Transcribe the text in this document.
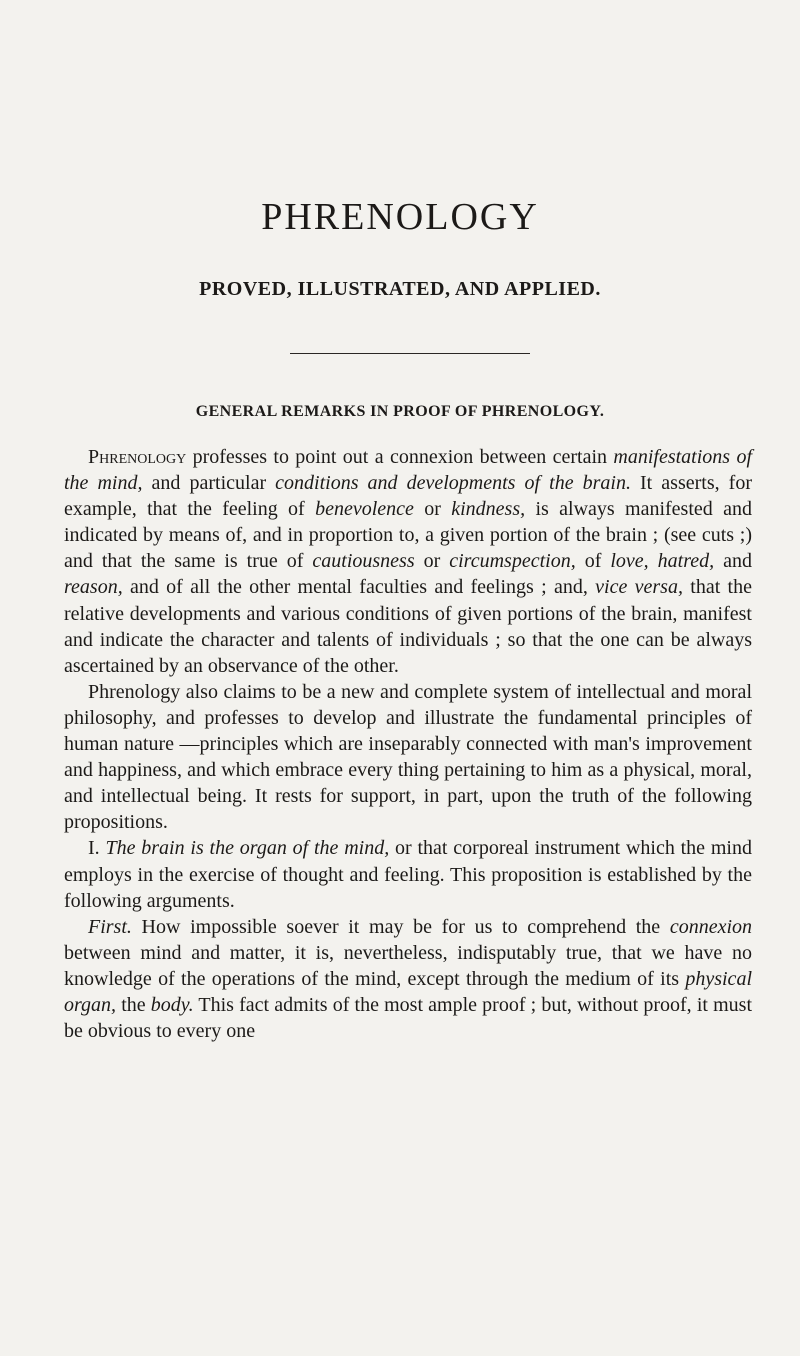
PHRENOLOGY
PROVED, ILLUSTRATED, AND APPLIED.
GENERAL REMARKS IN PROOF OF PHRENOLOGY.

Phrenology professes to point out a connexion between certain manifestations of the mind, and particular conditions and developments of the brain. It asserts, for example, that the feeling of benevolence or kindness, is always manifested and indicated by means of, and in proportion to, a given portion of the brain ; (see cuts ;) and that the same is true of cautiousness or circumspection, of love, hatred, and reason, and of all the other mental faculties and feelings ; and, vice versa, that the relative developments and various conditions of given portions of the brain, manifest and indicate the character and talents of individuals ; so that the one can be always ascertained by an observance of the other.

Phrenology also claims to be a new and complete system of intellectual and moral philosophy, and professes to develop and illustrate the fundamental principles of human nature —principles which are inseparably connected with man's improvement and happiness, and which embrace every thing pertaining to him as a physical, moral, and intellectual being. It rests for support, in part, upon the truth of the following propositions.

I. The brain is the organ of the mind, or that corporeal instrument which the mind employs in the exercise of thought and feeling. This proposition is established by the following arguments.

First. How impossible soever it may be for us to comprehend the connexion between mind and matter, it is, nevertheless, indisputably true, that we have no knowledge of the operations of the mind, except through the medium of its physical organ, the body. This fact admits of the most ample proof ; but, without proof, it must be obvious to every one
